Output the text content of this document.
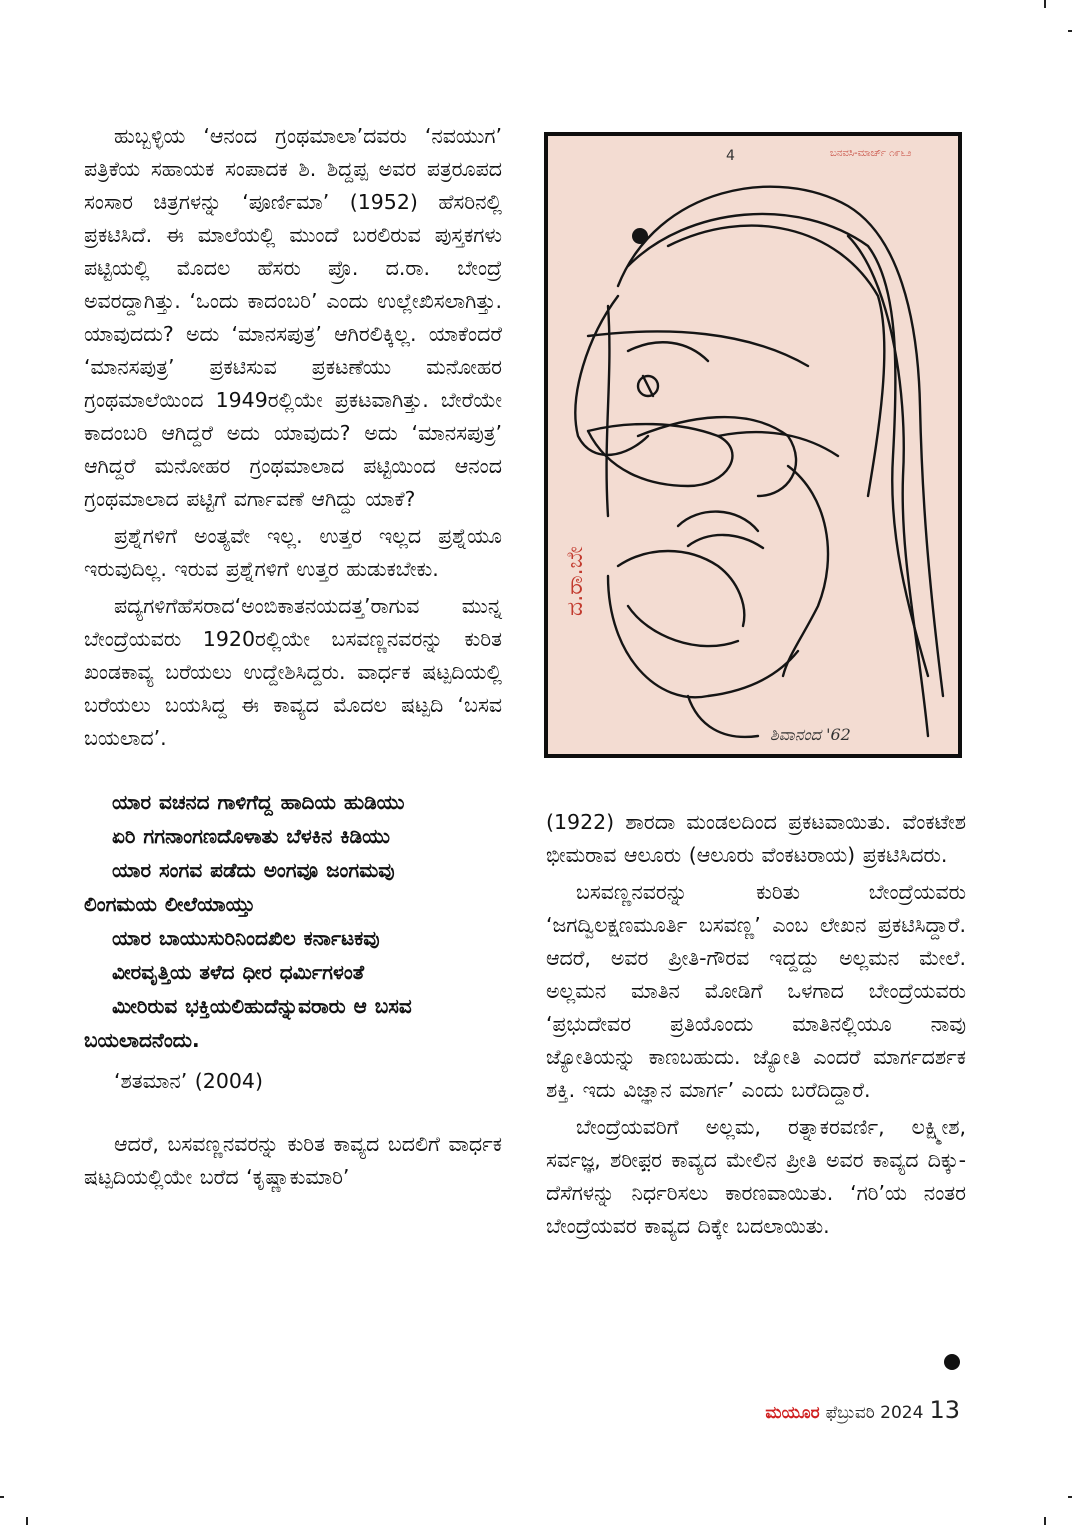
ಹುಬ್ಬಳ್ಳಿಯ ‘ಆನಂದ ಗ್ರಂಥಮಾಲಾ’ದವರು ‘ನವಯುಗ’ ಪತ್ರಿಕೆಯ ಸಹಾಯಕ ಸಂಪಾದಕ ಶಿ. ಶಿದ್ದಪ್ಪ ಅವರ ಪತ್ರರೂಪದ ಸಂಸಾರ ಚಿತ್ರಗಳನ್ನು ‘ಪೂರ್ಣಿಮಾ’ (1952) ಹೆಸರಿನಲ್ಲಿ ಪ್ರಕಟಿಸಿದೆ. ಈ ಮಾಲೆಯಲ್ಲಿ ಮುಂದೆ ಬರಲಿರುವ ಪುಸ್ತಕಗಳು ಪಟ್ಟಿಯಲ್ಲಿ ಮೊದಲ ಹೆಸರು ಪ್ರೊ. ದ.ರಾ. ಬೇಂದ್ರೆ ಅವರದ್ದಾಗಿತ್ತು. ‘ಒಂದು ಕಾದಂಬರಿ’ ಎಂದು ಉಲ್ಲೇಖಿಸಲಾಗಿತ್ತು. ಯಾವುದದು? ಅದು ‘ಮಾನಸಪುತ್ರ’ ಆಗಿರಲಿಕ್ಕಿಲ್ಲ. ಯಾಕೆಂದರೆ ‘ಮಾನಸಪುತ್ರ’ ಪ್ರಕಟಿಸುವ ಪ್ರಕಟಣೆಯು ಮನೋಹರ ಗ್ರಂಥಮಾಲೆಯಿಂದ 1949ರಲ್ಲಿಯೇ ಪ್ರಕಟವಾಗಿತ್ತು. ಬೇರೆಯೇ ಕಾದಂಬರಿ ಆಗಿದ್ದರೆ ಅದು ಯಾವುದು? ಅದು ‘ಮಾನಸಪುತ್ರ’ ಆಗಿದ್ದರೆ ಮನೋಹರ ಗ್ರಂಥಮಾಲಾದ ಪಟ್ಟಿಯಿಂದ ಆನಂದ ಗ್ರಂಥಮಾಲಾದ ಪಟ್ಟಿಗೆ ವರ್ಗಾವಣೆ ಆಗಿದ್ದು ಯಾಕೆ?

ಪ್ರಶ್ನೆಗಳಿಗೆ ಅಂತ್ಯವೇ ಇಲ್ಲ. ಉತ್ತರ ಇಲ್ಲದ ಪ್ರಶ್ನೆಯೂ ಇರುವುದಿಲ್ಲ. ಇರುವ ಪ್ರಶ್ನೆಗಳಿಗೆ ಉತ್ತರ ಹುಡುಕಬೇಕು.

ಪದ್ಯಗಳಿಗೆಹೆಸರಾದ‘ಅಂಬಿಕಾತನಯದತ್ತ’ರಾಗುವ ಮುನ್ನ ಬೇಂದ್ರೆಯವರು 1920ರಲ್ಲಿಯೇ ಬಸವಣ್ಣನವರನ್ನು ಕುರಿತ ಖಂಡಕಾವ್ಯ ಬರೆಯಲು ಉದ್ದೇಶಿಸಿದ್ದರು. ವಾರ್ಧಕ ಷಟ್ಪದಿಯಲ್ಲಿ ಬರೆಯಲು ಬಯಸಿದ್ದ ಈ ಕಾವ್ಯದ ಮೊದಲ ಷಟ್ಪದಿ ‘ಬಸವ ಬಯಲಾದ’.

ಯಾರ ವಚನದ ಗಾಳಿಗೆದ್ದ ಹಾದಿಯ ಹುಡಿಯು
ಏರಿ ಗಗನಾಂಗಣದೊಳಾತು ಬೆಳಕಿನ ಕಿಡಿಯು
ಯಾರ ಸಂಗವ ಪಡೆದು ಅಂಗವೂ ಜಂಗಮವು
ಲಿಂಗಮಯ ಲೀಲೆಯಾಯ್ತು
ಯಾರ ಬಾಯುಸುರಿನಿಂದಖಿಲ ಕರ್ನಾಟಕವು
ವೀರವೃತ್ತಿಯ ತಳೆದ ಧೀರ ಧರ್ಮಿಗಳಂತೆ
ಮೀರಿರುವ ಭಕ್ತಿಯಲಿಹುದೆನ್ನುವರಾರು ಆ ಬಸವ
ಬಯಲಾದನೆಂದು.

‘ಶತಮಾನ’ (2004)

ಆದರೆ, ಬಸವಣ್ಣನವರನ್ನು ಕುರಿತ ಕಾವ್ಯದ ಬದಲಿಗೆ ವಾರ್ಧಕ ಷಟ್ಪದಿಯಲ್ಲಿಯೇ ಬರೆದ ‘ಕೃಷ್ಣಾಕುಮಾರಿ’

4	ಬನವಸಿ-ಮಾರ್ಚ್ ೧೯೬೨
ದ.ರಾ.ಬೇ
ಶಿವಾನಂದ '62

(1922) ಶಾರದಾ ಮಂಡಲದಿಂದ ಪ್ರಕಟವಾಯಿತು. ವೆಂಕಟೇಶ ಭೀಮರಾವ ಆಲೂರು (ಆಲೂರು ವೆಂಕಟರಾಯ) ಪ್ರಕಟಿಸಿದರು.

ಬಸವಣ್ಣನವರನ್ನು ಕುರಿತು ಬೇಂದ್ರೆಯವರು ‘ಜಗದ್ವಿಲಕ್ಷಣಮೂರ್ತಿ ಬಸವಣ್ಣ’ ಎಂಬ ಲೇಖನ ಪ್ರಕಟಿಸಿದ್ದಾರೆ. ಆದರೆ, ಅವರ ಪ್ರೀತಿ-ಗೌರವ ಇದ್ದದ್ದು ಅಲ್ಲಮನ ಮೇಲೆ. ಅಲ್ಲಮನ ಮಾತಿನ ಮೋಡಿಗೆ ಒಳಗಾದ ಬೇಂದ್ರೆಯವರು ‘ಪ್ರಭುದೇವರ ಪ್ರತಿಯೊಂದು ಮಾತಿನಲ್ಲಿಯೂ ನಾವು ಜ್ಯೋತಿಯನ್ನು ಕಾಣಬಹುದು. ಜ್ಯೋತಿ ಎಂದರೆ ಮಾರ್ಗದರ್ಶಕ ಶಕ್ತಿ. ಇದು ವಿಜ್ಞಾನ ಮಾರ್ಗ’ ಎಂದು ಬರೆದಿದ್ದಾರೆ.

ಬೇಂದ್ರೆಯವರಿಗೆ ಅಲ್ಲಮ, ರತ್ನಾಕರವರ್ಣಿ, ಲಕ್ಷ್ಮೀಶ, ಸರ್ವಜ್ಞ, ಶರೀಫ಼ರ ಕಾವ್ಯದ ಮೇಲಿನ ಪ್ರೀತಿ ಅವರ ಕಾವ್ಯದ ದಿಕ್ಕು-ದೆಸೆಗಳನ್ನು ನಿರ್ಧರಿಸಲು ಕಾರಣವಾಯಿತು. ‘ಗರಿ’ಯ ನಂತರ ಬೇಂದ್ರೆಯವರ ಕಾವ್ಯದ ದಿಕ್ಕೇ ಬದಲಾಯಿತು.

ಮಯೂರ ಫೆಬ್ರುವರಿ 2024 13
